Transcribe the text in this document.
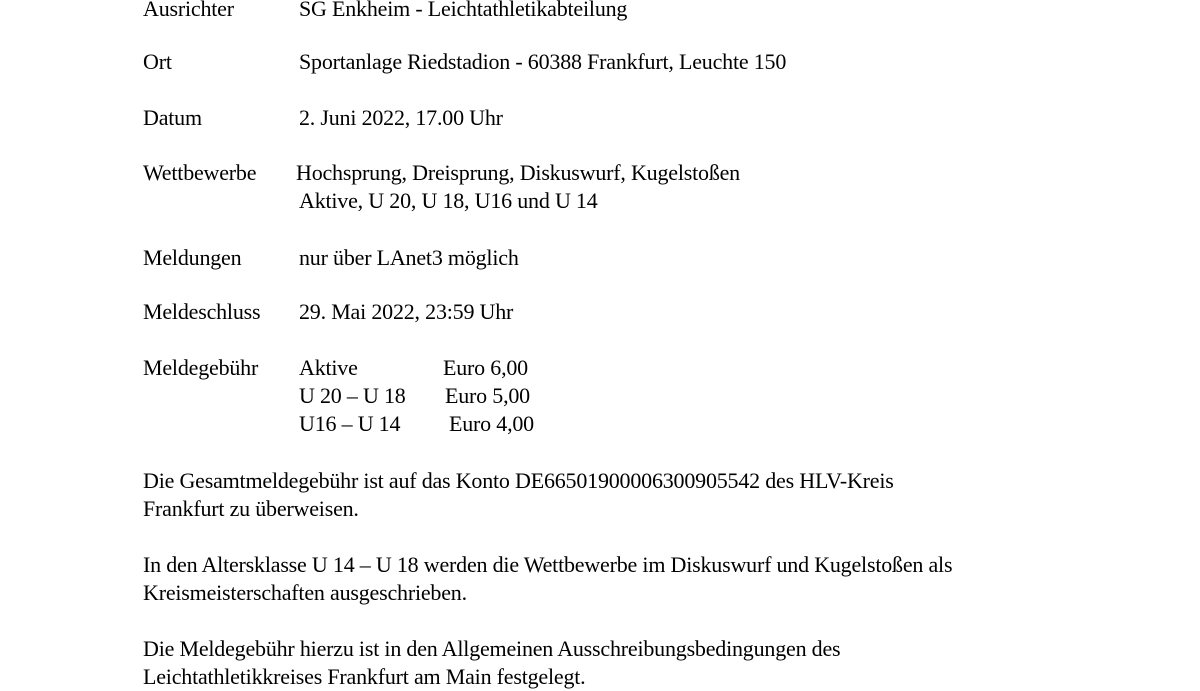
Ausrichter	SG Enkheim - Leichtathletikabteilung
Ort	Sportanlage Riedstadion - 60388 Frankfurt, Leuchte 150
Datum	2. Juni 2022, 17.00 Uhr
Wettbewerbe Hochsprung, Dreisprung, Diskuswurf, Kugelstoßen
Aktive, U 20, U 18, U16 und U 14
Meldungen	nur über LAnet3 möglich
Meldeschluss 29. Mai 2022, 23:59 Uhr
Meldegebühr Aktive	Euro 6,00
U 20 – U 18 Euro 5,00
U16 – U 14 Euro 4,00
Die Gesamtmeldegebühr ist auf das Konto DE66501900006300905542 des HLV-Kreis
Frankfurt zu überweisen.
In den Altersklasse U 14 – U 18 werden die Wettbewerbe im Diskuswurf und Kugelstoßen als
Kreismeisterschaften ausgeschrieben.
Die Meldegebühr hierzu ist in den Allgemeinen Ausschreibungsbedingungen des
Leichtathletikkreises Frankfurt am Main festgelegt.
